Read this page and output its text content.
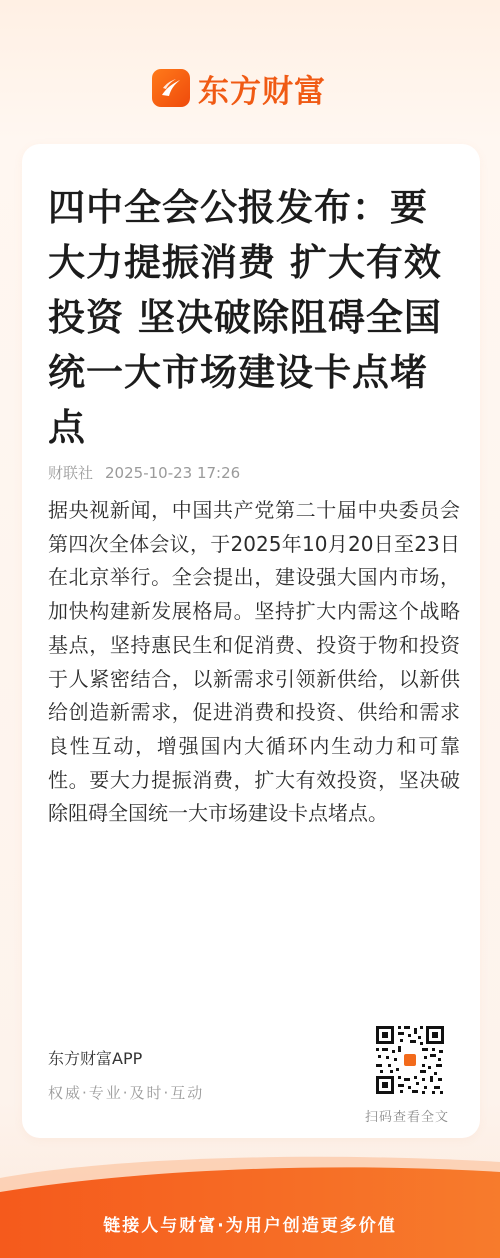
东方财富
四中全会公报发布：要大力提振消费 扩大有效投资 坚决破除阻碍全国统一大市场建设卡点堵点
财联社 2025-10-23 17:26

据央视新闻，中国共产党第二十届中央委员会第四次全体会议，于2025年10月20日至23日在北京举行。全会提出，建设强大国内市场，加快构建新发展格局。坚持扩大内需这个战略基点，坚持惠民生和促消费、投资于物和投资于人紧密结合，以新需求引领新供给，以新供给创造新需求，促进消费和投资、供给和需求良性互动，增强国内大循环内生动力和可靠性。要大力提振消费，扩大有效投资，坚决破除阻碍全国统一大市场建设卡点堵点。

东方财富APP
权威·专业·及时·互动
扫码查看全文
链接人与财富·为用户创造更多价值
